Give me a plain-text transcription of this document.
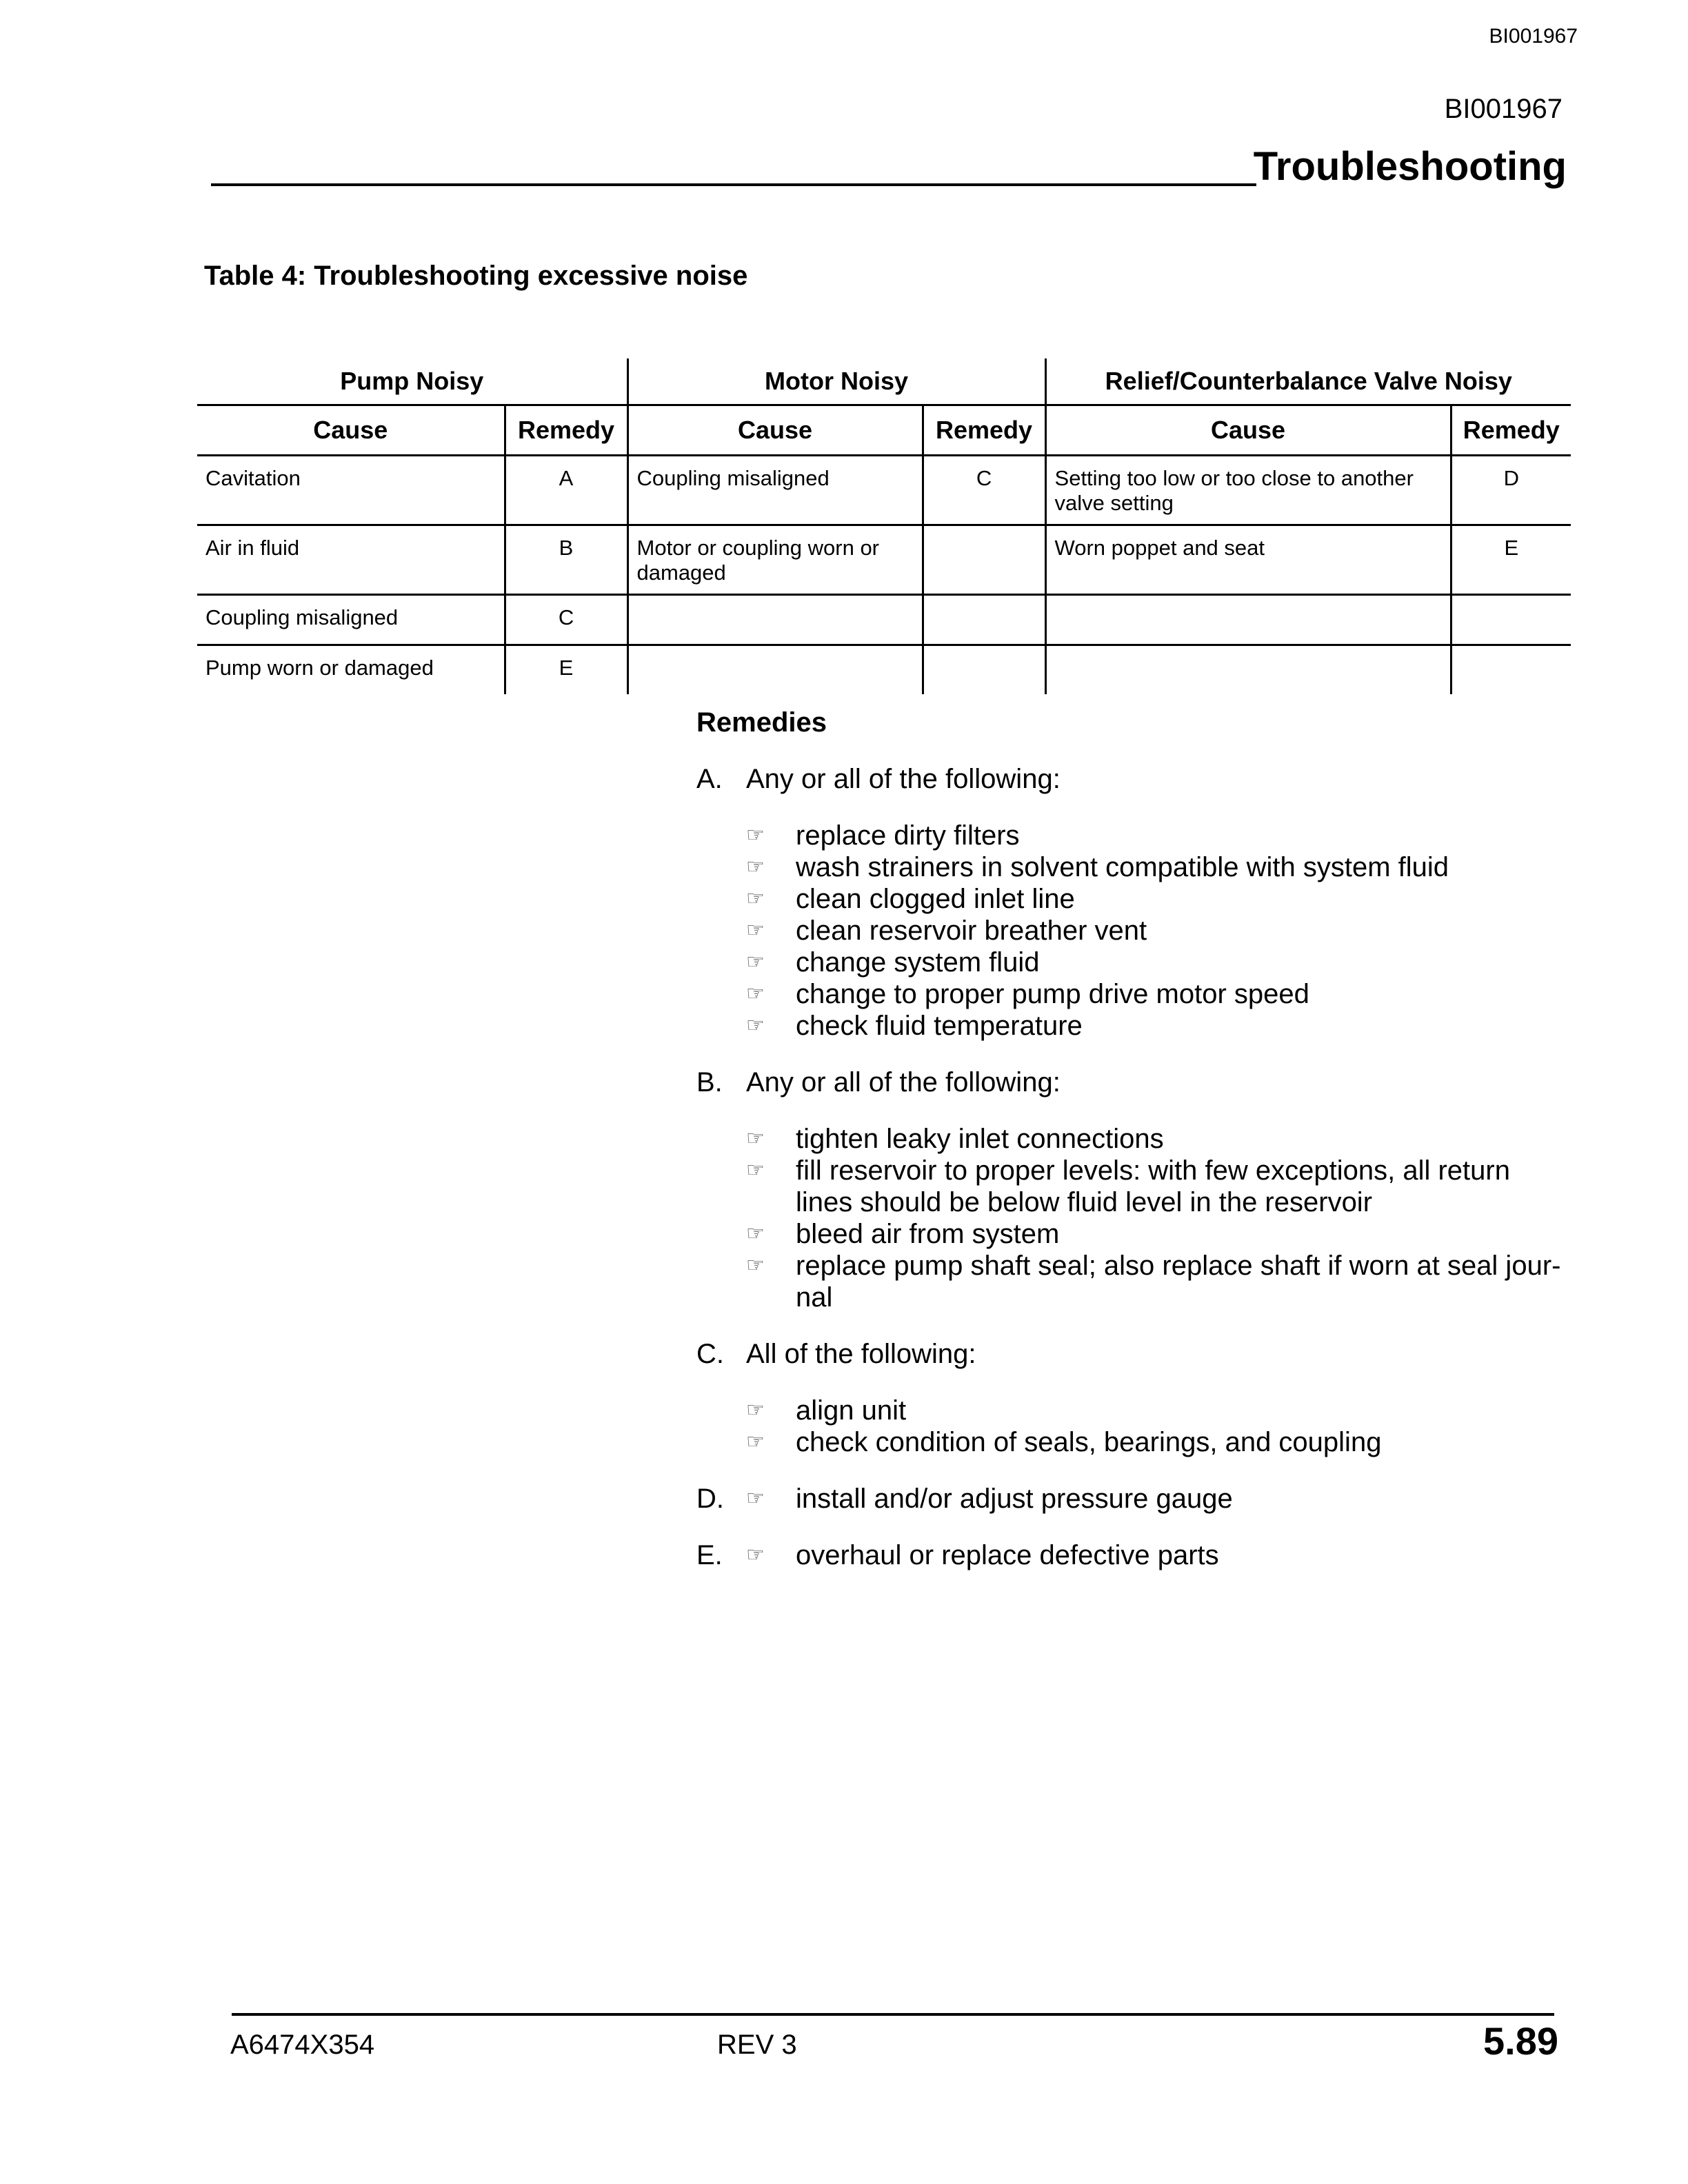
BI001967
BI001967
Troubleshooting
Table 4: Troubleshooting excessive noise
Pump Noisy		Motor Noisy		Relief/Counterbalance Valve Noisy	
Cause	Remedy	Cause	Remedy	Cause	Remedy
Cavitation	A	Coupling misaligned	C	Setting too low or too close to another valve setting	D
Air in fluid	B	Motor or coupling worn or damaged		Worn poppet and seat	E
Coupling misaligned	C				
Pump worn or damaged	E				
Remedies
A. Any or all of the following:
☞	replace dirty filters
☞	wash strainers in solvent compatible with system fluid
☞	clean clogged inlet line
☞	clean reservoir breather vent
☞	change system fluid
☞	change to proper pump drive motor speed
☞	check fluid temperature
B. Any or all of the following:
☞	tighten leaky inlet connections
☞	fill reservoir to proper levels: with few exceptions, all return lines should be below fluid level in the reservoir
☞	bleed air from system
☞	replace pump shaft seal; also replace shaft if worn at seal jour-nal
C. All of the following:
☞	align unit
☞	check condition of seals, bearings, and coupling
D.	☞	install and/or adjust pressure gauge
E.	☞	overhaul or replace defective parts
A6474X354	REV 3	5.89
